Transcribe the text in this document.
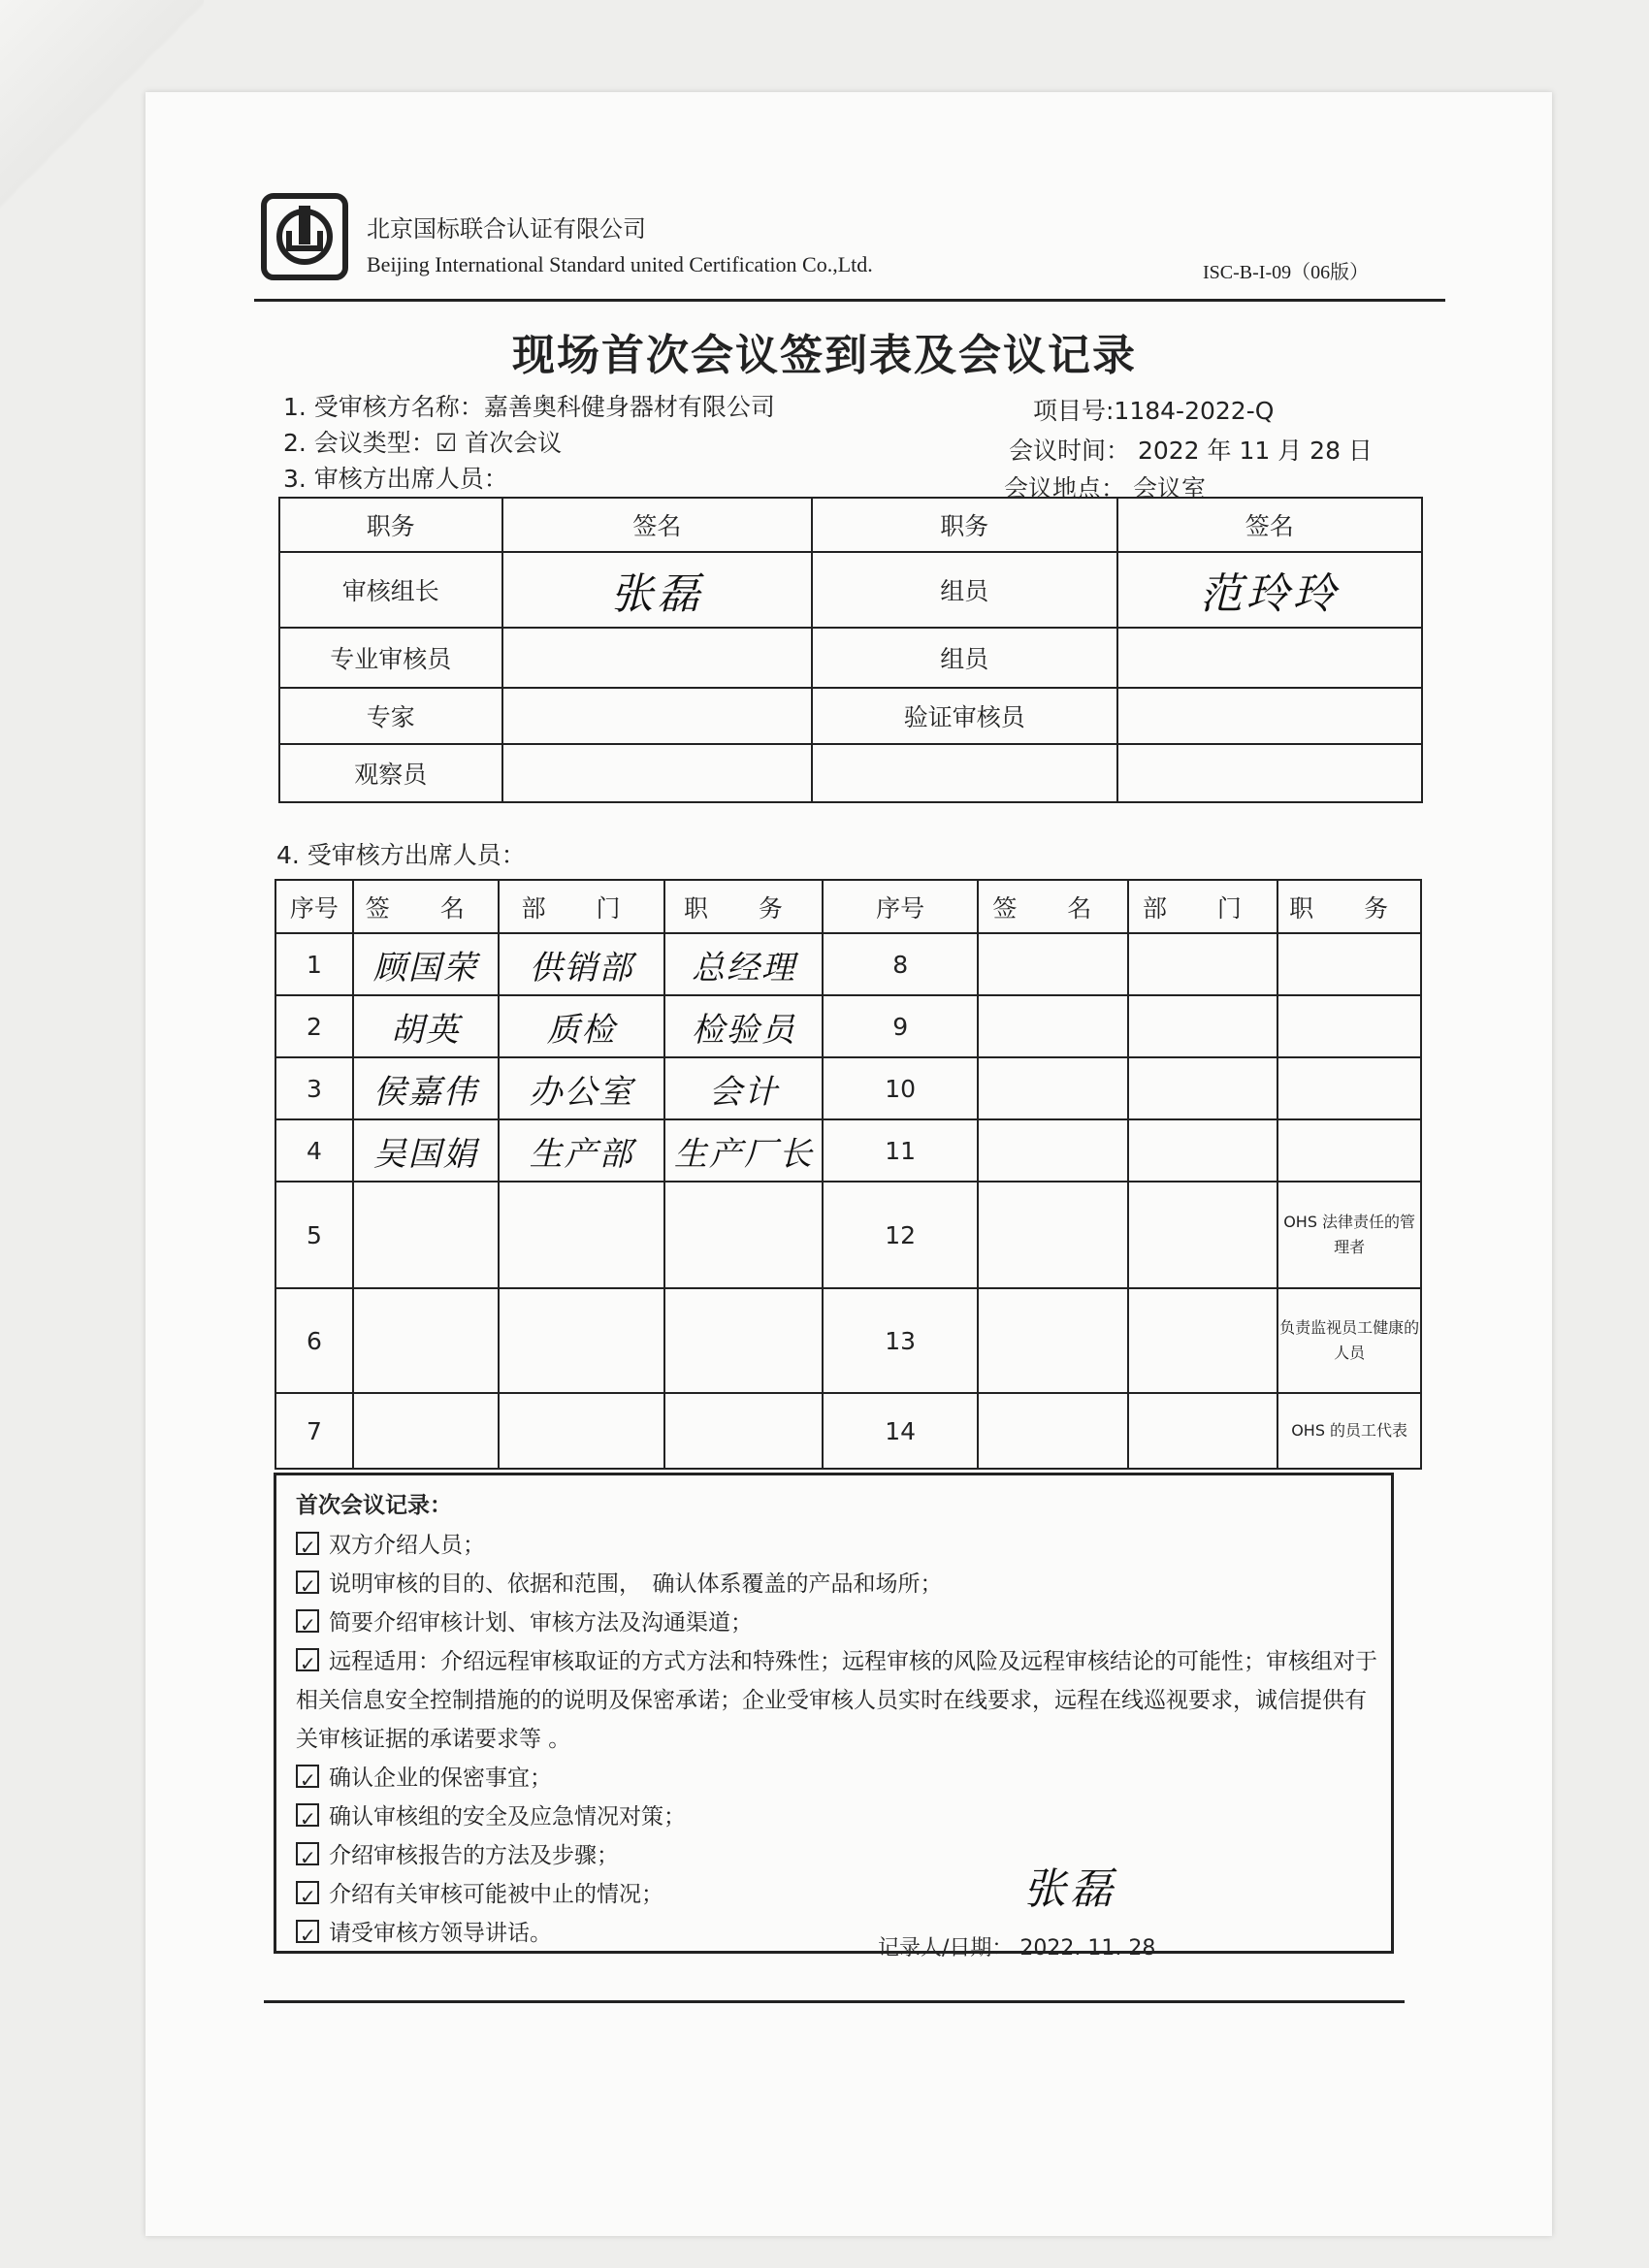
北京国标联合认证有限公司
Beijing International Standard united Certification Co.,Ltd.	ISC-B-I-09（06版）
现场首次会议签到表及会议记录
1. 受审核方名称：嘉善奥科健身器材有限公司	项目号:1184-2022-Q
2. 会议类型：☑ 首次会议	会议时间： 2022 年 11 月 28 日
3. 审核方出席人员：	会议地点： 会议室
职务	签名	职务	签名
审核组长	张磊	组员	范玲玲
专业审核员		组员	
专家		验证审核员	
观察员			
4. 受审核方出席人员：
序号	签 名	部 门	职 务	序号	签 名	部 门	职 务
1	顾国荣	供销部	总经理	8			
2	胡英	质检	检验员	9			
3	侯嘉伟	办公室	会计	10			
4	吴国娟	生产部	生产厂长	11			
5				12			OHS 法律责任的管理者
6				13			负责监视员工健康的人员
7				14			OHS 的员工代表
首次会议记录：
✓双方介绍人员；
✓说明审核的目的、依据和范围，　确认体系覆盖的产品和场所；
✓简要介绍审核计划、审核方法及沟通渠道；
✓远程适用：介绍远程审核取证的方式方法和特殊性；远程审核的风险及远程审核结论的可能性；审核组对于相关信息安全控制措施的的说明及保密承诺；企业受审核人员实时在线要求，远程在线巡视要求，诚信提供有关审核证据的承诺要求等 。
✓确认企业的保密事宜；
✓确认审核组的安全及应急情况对策；
✓介绍审核报告的方法及步骤；
✓介绍有关审核可能被中止的情况；
✓请受审核方领导讲话。
张磊
记录人/日期： 2022. 11. 28
